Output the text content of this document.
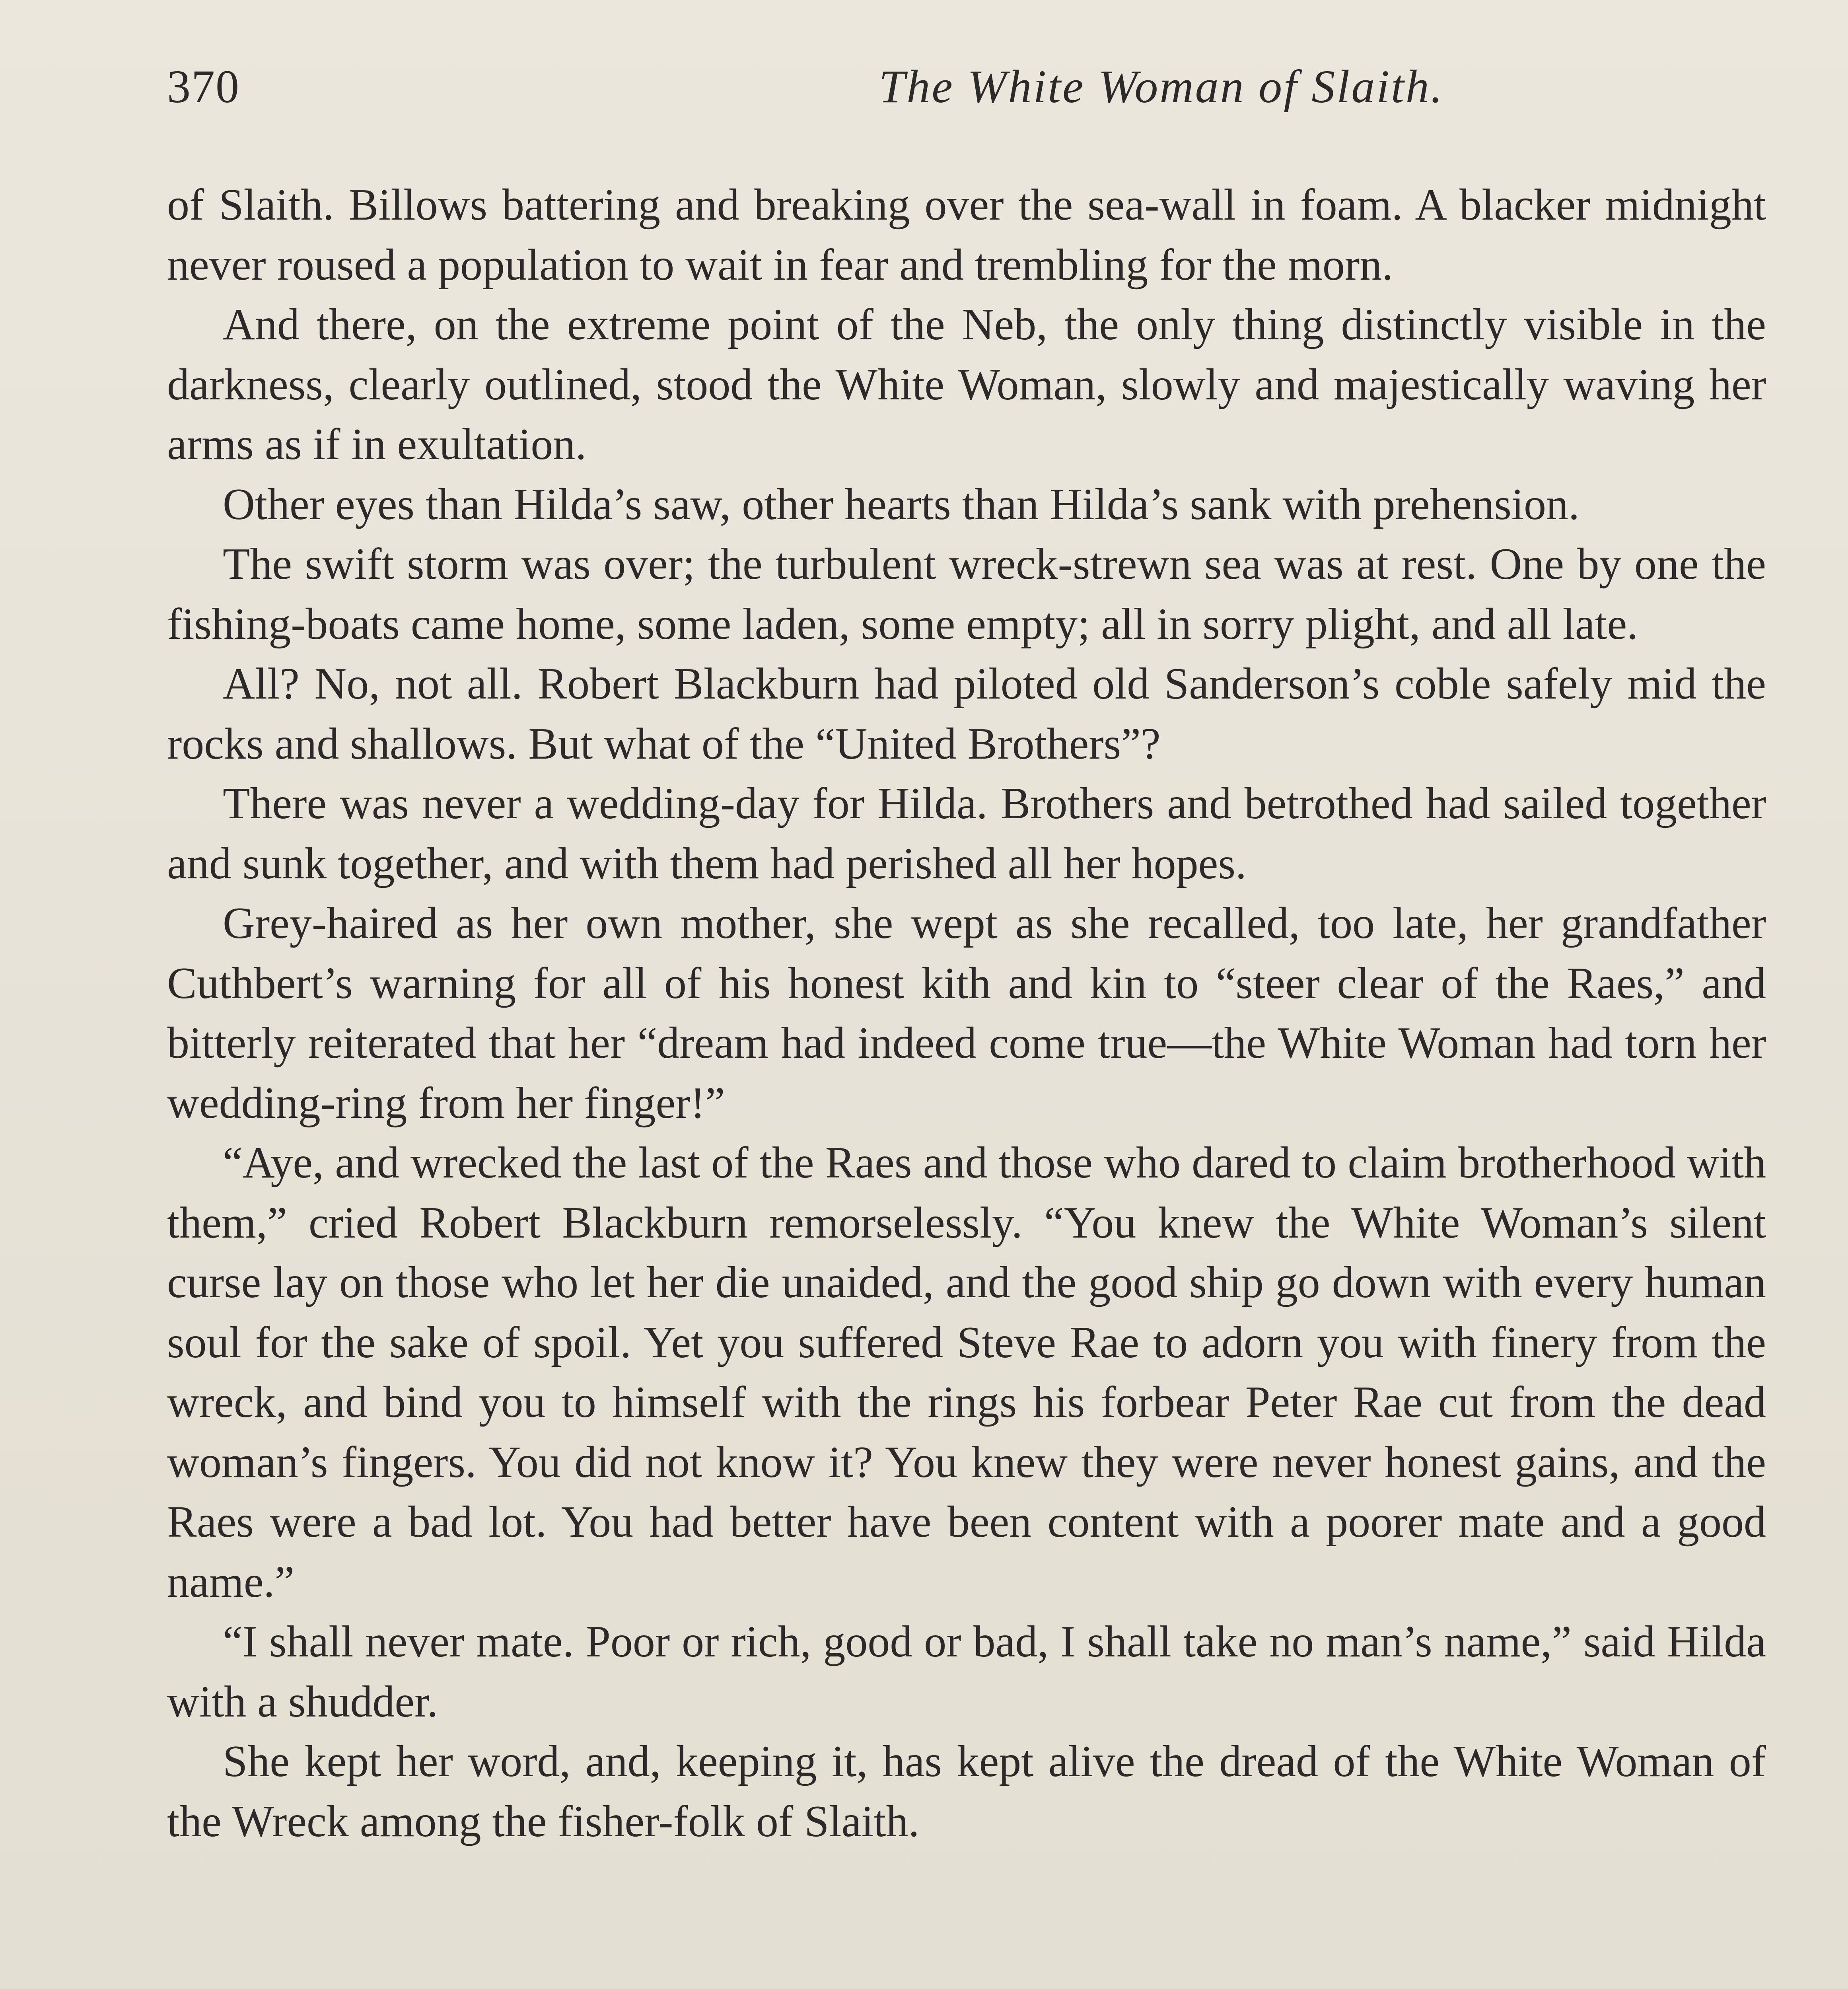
370	The White Woman of Slaith.

of Slaith. Billows battering and breaking over the sea-wall in foam. A blacker midnight never roused a population to wait in fear and trembling for the morn.

And there, on the extreme point of the Neb, the only thing distinctly visible in the darkness, clearly outlined, stood the White Woman, slowly and majestically waving her arms as if in exultation.

Other eyes than Hilda’s saw, other hearts than Hilda’s sank with prehension.

The swift storm was over; the turbulent wreck-strewn sea was at rest. One by one the fishing-boats came home, some laden, some empty; all in sorry plight, and all late.

All? No, not all. Robert Blackburn had piloted old Sanderson’s coble safely mid the rocks and shallows. But what of the “United Brothers”?

There was never a wedding-day for Hilda. Brothers and betrothed had sailed together and sunk together, and with them had perished all her hopes.

Grey-haired as her own mother, she wept as she recalled, too late, her grandfather Cuthbert’s warning for all of his honest kith and kin to “steer clear of the Raes,” and bitterly reiterated that her “dream had indeed come true—the White Woman had torn her wedding-ring from her finger!”

“Aye, and wrecked the last of the Raes and those who dared to claim brotherhood with them,” cried Robert Blackburn remorselessly. “You knew the White Woman’s silent curse lay on those who let her die unaided, and the good ship go down with every human soul for the sake of spoil. Yet you suffered Steve Rae to adorn you with finery from the wreck, and bind you to himself with the rings his forbear Peter Rae cut from the dead woman’s fingers. You did not know it? You knew they were never honest gains, and the Raes were a bad lot. You had better have been content with a poorer mate and a good name.”

“I shall never mate. Poor or rich, good or bad, I shall take no man’s name,” said Hilda with a shudder.

She kept her word, and, keeping it, has kept alive the dread of the White Woman of the Wreck among the fisher-folk of Slaith.
